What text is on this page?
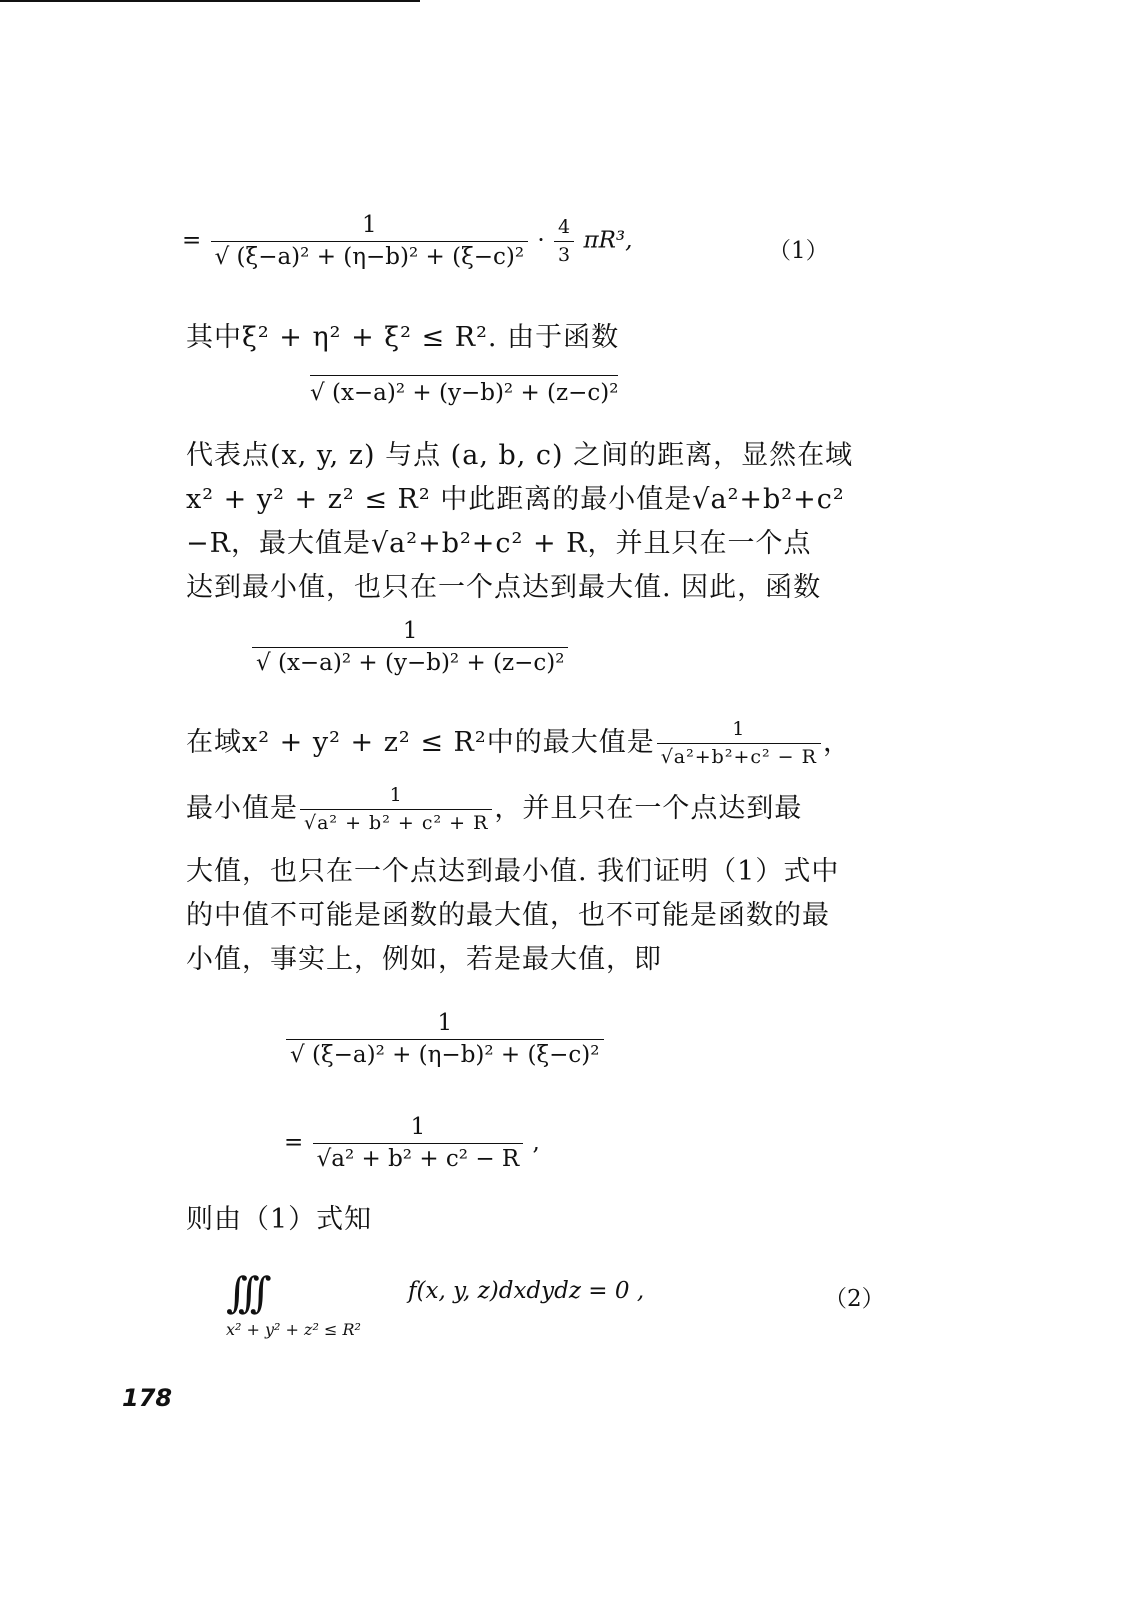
= $\frac{1}{\text{√ (ξ−a)² + (η−b)² + (ξ−c)²}} \cdot \frac{4}{3} \pi R^3$,	（1）
其中ξ² + η² + ξ² ≤ R². 由于函数
√ (x−a)² + (y−b)² + (z−c)²
代表点(x, y, z) 与点 (a, b, c) 之间的距离，显然在域
x² + y² + z² ≤ R² 中此距离的最小值是√a²+b²+c²
−R，最大值是√a²+b²+c² + R，并且只在一个点
达到最小值，也只在一个点达到最大值. 因此，函数
$\frac{1}{\text{√ (x−a)² + (y−b)² + (z−c)²}}$
在域x² + y² + z² ≤ R²中的最大值是 $\frac{1}{\text{√a²+b²+c² − R}}$ ，
最小值是 $\frac{1}{\text{√a² + b² + c² + R}}$ ，并且只在一个点达到最
大值，也只在一个点达到最小值. 我们证明（1）式中
的中值不可能是函数的最大值，也不可能是函数的最
小值，事实上，例如，若是最大值，即
$\frac{1}{\text{√ (ξ−a)² + (η−b)² + (ξ−c)²}}$
= $\frac{1}{\text{√a² + b² + c² − R}}$ ,
则由（1）式知
∫∫∫
x² + y² + z² ≤ R²
f(x, y, z)dxdydz = 0 ,	（2）
178
